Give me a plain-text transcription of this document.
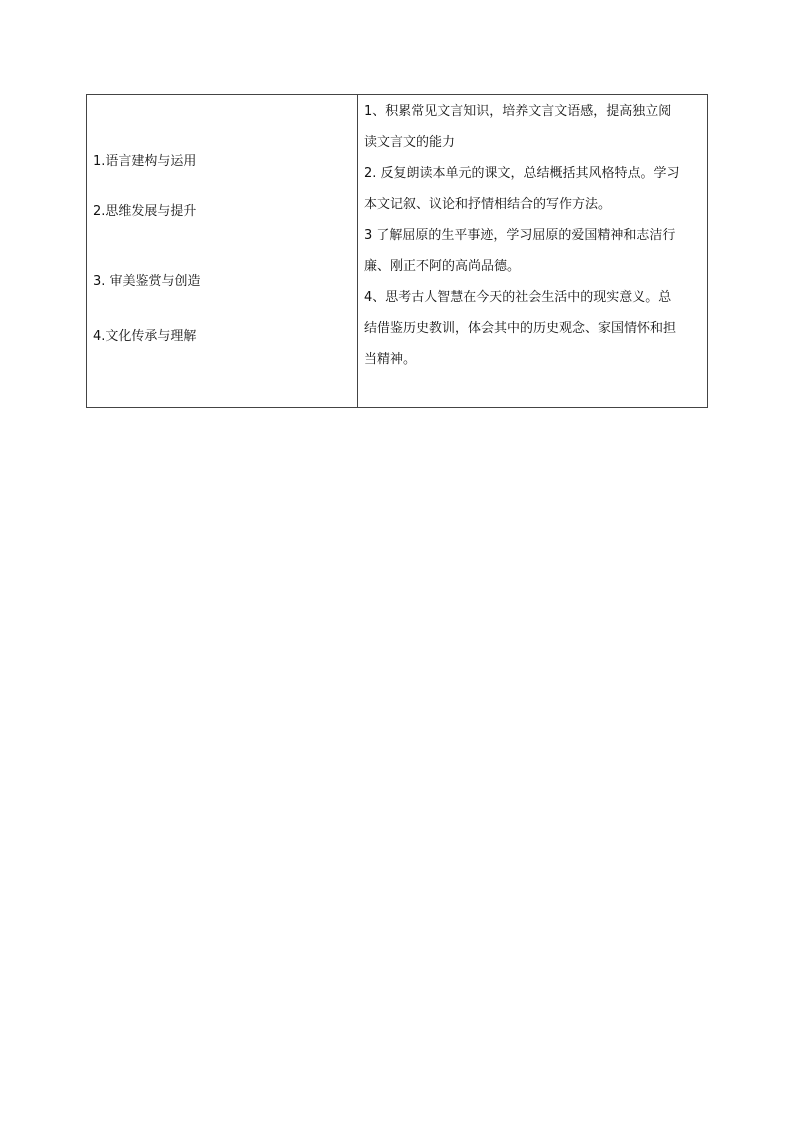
1.语言建构与运用
2.思维发展与提升
3. 审美鉴赏与创造
4.文化传承与理解
1、积累常见文言知识，培养文言文语感，提高独立阅
读文言文的能力
2. 反复朗读本单元的课文，总结概括其风格特点。学习
本文记叙、议论和抒情相结合的写作方法。
3 了解屈原的生平事迹，学习屈原的爱国精神和志洁行
廉、刚正不阿的高尚品德。
4、思考古人智慧在今天的社会生活中的现实意义。总
结借鉴历史教训，体会其中的历史观念、家国情怀和担
当精神。
